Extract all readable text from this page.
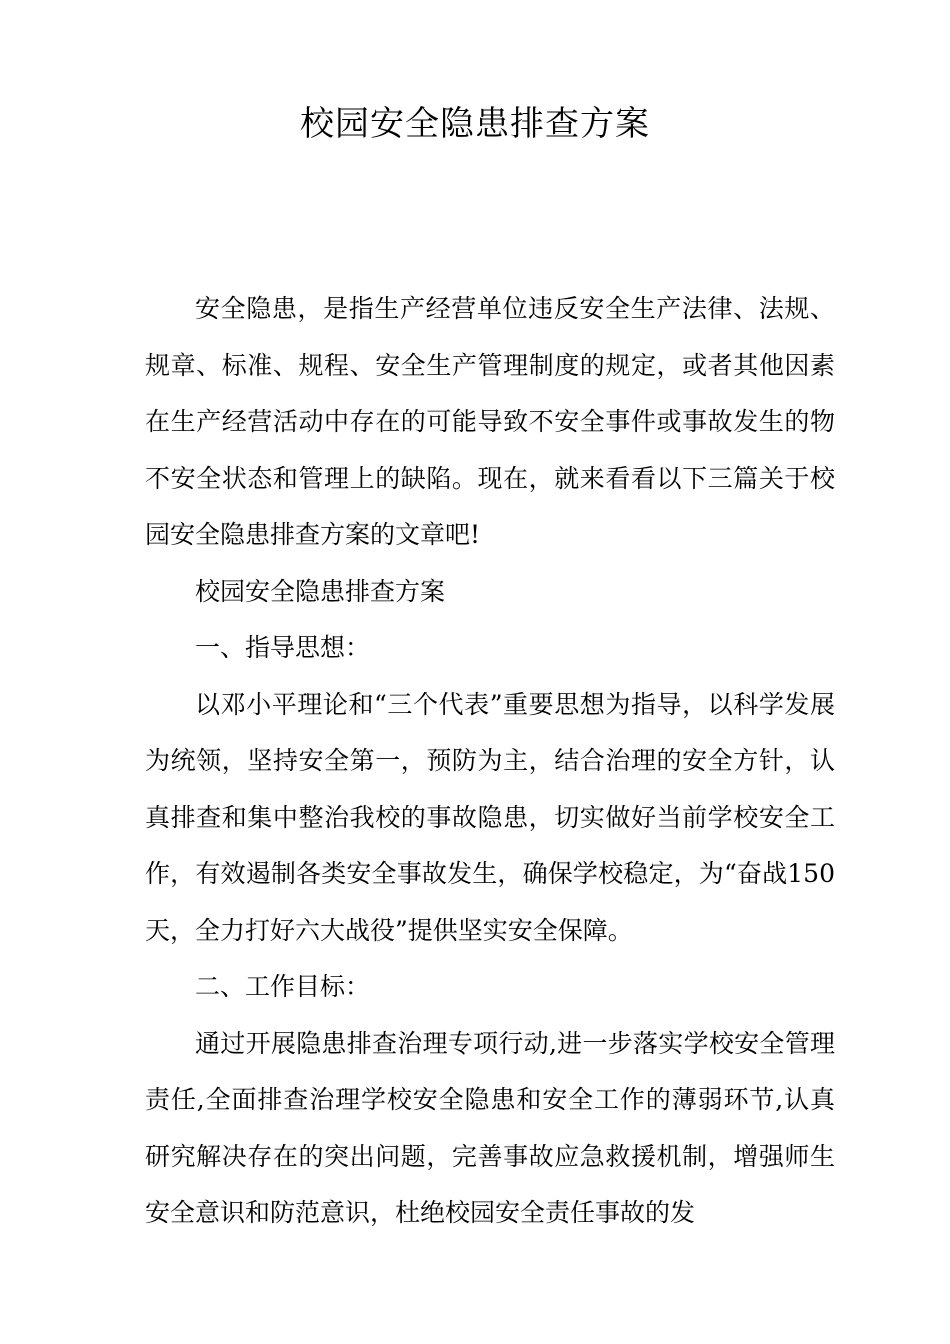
校园安全隐患排查方案

安全隐患，是指生产经营单位违反安全生产法律、法规、规章、标准、规程、安全生产管理制度的规定，或者其他因素在生产经营活动中存在的可能导致不安全事件或事故发生的物不安全状态和管理上的缺陷。现在，就来看看以下三篇关于校园安全隐患排查方案的文章吧!

校园安全隐患排查方案

一、指导思想：

以邓小平理论和“三个代表”重要思想为指导，以科学发展为统领，坚持安全第一，预防为主，结合治理的安全方针，认真排查和集中整治我校的事故隐患，切实做好当前学校安全工作，有效遏制各类安全事故发生，确保学校稳定，为“奋战150天，全力打好六大战役”提供坚实安全保障。

二、工作目标：

通过开展隐患排查治理专项行动,进一步落实学校安全管理责任,全面排查治理学校安全隐患和安全工作的薄弱环节,认真研究解决存在的突出问题，完善事故应急救援机制，增强师生安全意识和防范意识，杜绝校园安全责任事故的发
